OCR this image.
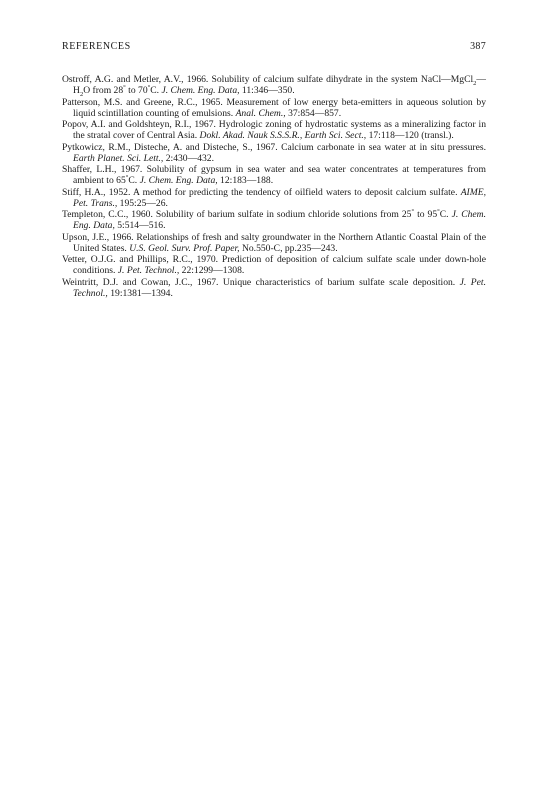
REFERENCES	387

Ostroff, A.G. and Metler, A.V., 1966. Solubility of calcium sulfate dihydrate in the system $NaCl—MgCl_2—H_2O$ from 28° to 70°C. J. Chem. Eng. Data, 11:346—350.

Patterson, M.S. and Greene, R.C., 1965. Measurement of low energy beta-emitters in aqueous solution by liquid scintillation counting of emulsions. Anal. Chem., 37:854—857.

Popov, A.I. and Goldshteyn, R.I., 1967. Hydrologic zoning of hydrostatic systems as a mineralizing factor in the stratal cover of Central Asia. Dokl. Akad. Nauk S.S.S.R., Earth Sci. Sect., 17:118—120 (transl.).

Pytkowicz, R.M., Disteche, A. and Disteche, S., 1967. Calcium carbonate in sea water at in situ pressures. Earth Planet. Sci. Lett., 2:430—432.

Shaffer, L.H., 1967. Solubility of gypsum in sea water and sea water concentrates at temperatures from ambient to 65°C. J. Chem. Eng. Data, 12:183—188.

Stiff, H.A., 1952. A method for predicting the tendency of oilfield waters to deposit calcium sulfate. AIME, Pet. Trans., 195:25—26.

Templeton, C.C., 1960. Solubility of barium sulfate in sodium chloride solutions from 25° to 95°C. J. Chem. Eng. Data, 5:514—516.

Upson, J.E., 1966. Relationships of fresh and salty groundwater in the Northern Atlantic Coastal Plain of the United States. U.S. Geol. Surv. Prof. Paper, No.550-C, pp.235—243.

Vetter, O.J.G. and Phillips, R.C., 1970. Prediction of deposition of calcium sulfate scale under down-hole conditions. J. Pet. Technol., 22:1299—1308.

Weintritt, D.J. and Cowan, J.C., 1967. Unique characteristics of barium sulfate scale deposition. J. Pet. Technol., 19:1381—1394.
